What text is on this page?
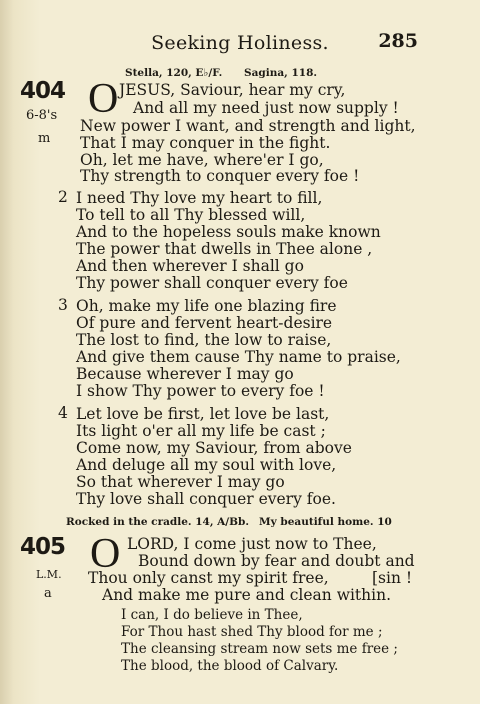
Seeking Holiness.	285
Stella, 120, E♭/F. Sagina, 118.
404
6-8's
m
O JESUS, Saviour, hear my cry,
And all my need just now supply !
New power I want, and strength and light,
That I may conquer in the fight.
Oh, let me have, where'er I go,
Thy strength to conquer every foe !
2 I need Thy love my heart to fill,
To tell to all Thy blessed will,
And to the hopeless souls make known
The power that dwells in Thee alone ,
And then wherever I shall go
Thy power shall conquer every foe
3 Oh, make my life one blazing fire
Of pure and fervent heart-desire
The lost to find, the low to raise,
And give them cause Thy name to praise,
Because wherever I may go
I show Thy power to every foe !
4 Let love be first, let love be last,
Its light o'er all my life be cast ;
Come now, my Saviour, from above
And deluge all my soul with love,
So that wherever I may go
Thy love shall conquer every foe.
Rocked in the cradle. 14, A/Bb. My beautiful home. 10
405
L.M.
a
O LORD, I come just now to Thee,
Bound down by fear and doubt and
Thou only canst my spirit free,	[sin !
And make me pure and clean within.
I can, I do believe in Thee,
For Thou hast shed Thy blood for me ;
The cleansing stream now sets me free ;
The blood, the blood of Calvary.
